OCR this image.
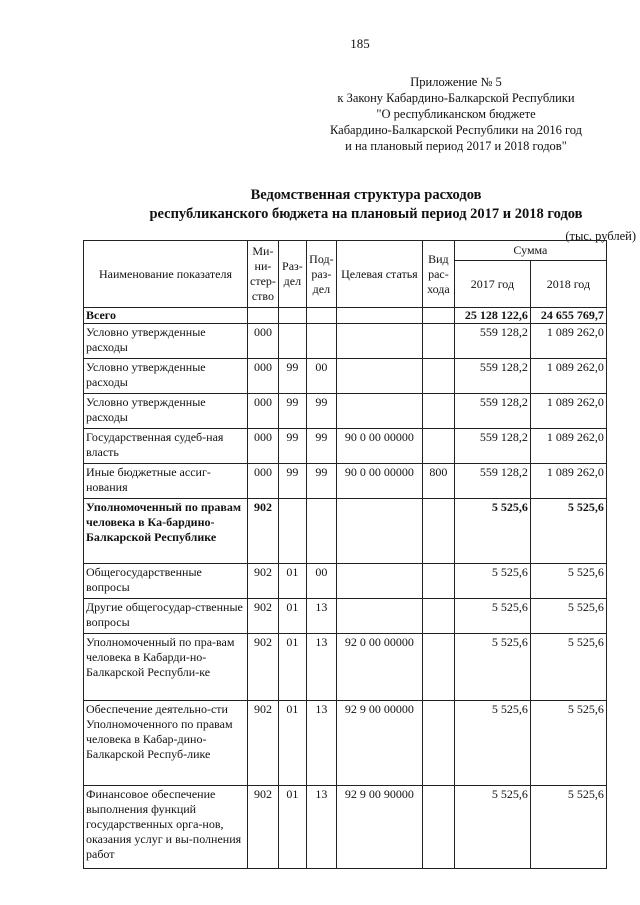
185
Приложение № 5
к Закону Кабардино-Балкарской Республики
"О республиканском бюджете
Кабардино-Балкарской Республики на 2016 год
и на плановый период 2017 и 2018 годов"
Ведомственная структура расходов
республиканского бюджета на плановый период 2017 и 2018 годов
(тыс. рублей)
Наименование показателя	Ми-ни-стер-ство	Раз-дел	Под-раз-дел	Целевая статья	Вид рас-хода	Сумма	
						2017 год	2018 год
Всего						25 128 122,6	24 655 769,7
Условно утвержденные расходы	000					559 128,2	1 089 262,0
Условно утвержденные расходы	000	99	00			559 128,2	1 089 262,0
Условно утвержденные расходы	000	99	99			559 128,2	1 089 262,0
Государственная судеб-ная власть	000	99	99	90 0 00 00000		559 128,2	1 089 262,0
Иные бюджетные ассиг-нования	000	99	99	90 0 00 00000	800	559 128,2	1 089 262,0
Уполномоченный по правам человека в Ка-бардино-Балкарской Республике	902					5 525,6	5 525,6
Общегосударственные вопросы	902	01	00			5 525,6	5 525,6
Другие общегосудар-ственные вопросы	902	01	13			5 525,6	5 525,6
Уполномоченный по пра-вам человека в Кабарди-но-Балкарской Республи-ке	902	01	13	92 0 00 00000		5 525,6	5 525,6
Обеспечение деятельно-сти Уполномоченного по правам человека в Кабар-дино-Балкарской Респуб-лике	902	01	13	92 9 00 00000		5 525,6	5 525,6
Финансовое обеспечение выполнения функций государственных орга-нов, оказания услуг и вы-полнения работ	902	01	13	92 9 00 90000		5 525,6	5 525,6
